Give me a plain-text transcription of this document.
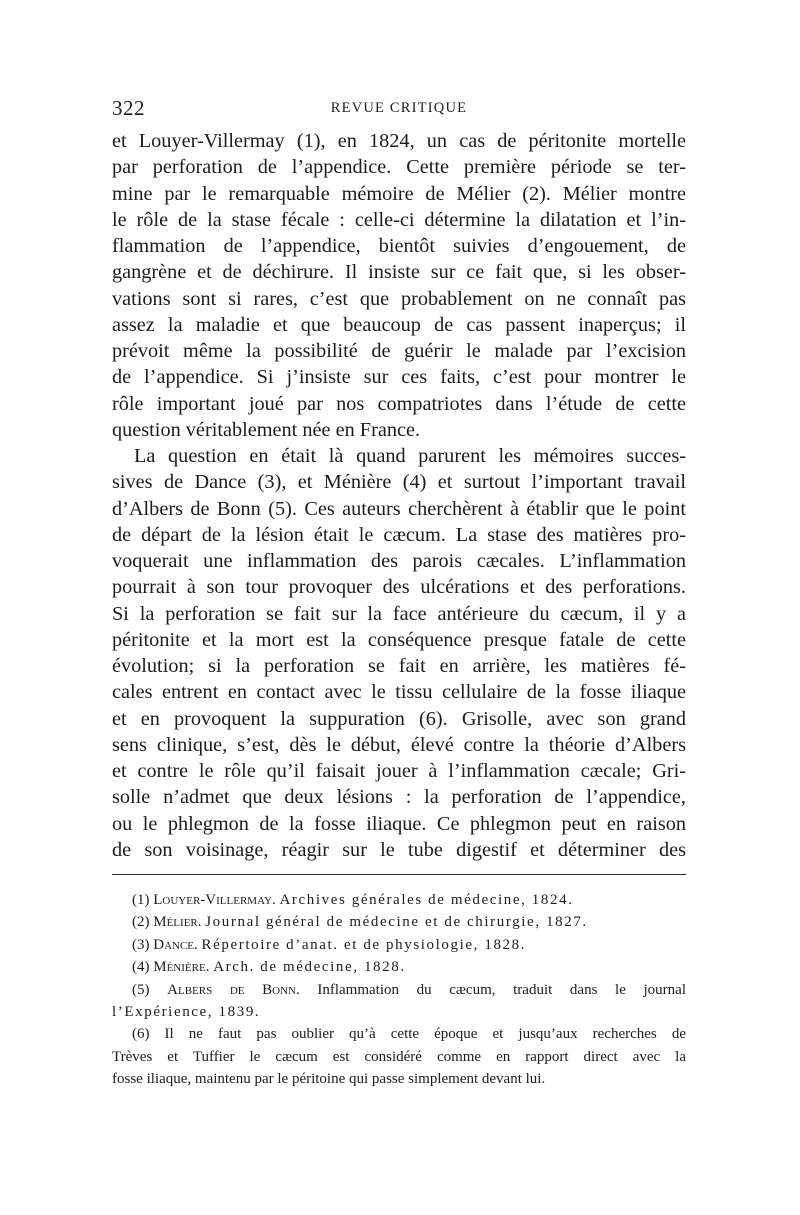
322	REVUE CRITIQUE

et Louyer-Villermay (1), en 1824, un cas de péritonite mortelle
par perforation de l’appendice. Cette première période se ter-
mine par le remarquable mémoire de Mélier (2). Mélier montre
le rôle de la stase fécale : celle-ci détermine la dilatation et l’in-
flammation de l’appendice, bientôt suivies d’engouement, de
gangrène et de déchirure. Il insiste sur ce fait que, si les obser-
vations sont si rares, c’est que probablement on ne connaît pas
assez la maladie et que beaucoup de cas passent inaperçus; il
prévoit même la possibilité de guérir le malade par l’excision
de l’appendice. Si j’insiste sur ces faits, c’est pour montrer le
rôle important joué par nos compatriotes dans l’étude de cette
question véritablement née en France.

La question en était là quand parurent les mémoires succes-
sives de Dance (3), et Ménière (4) et surtout l’important travail
d’Albers de Bonn (5). Ces auteurs cherchèrent à établir que le point
de départ de la lésion était le cæcum. La stase des matières pro-
voquerait une inflammation des parois cæcales. L’inflammation
pourrait à son tour provoquer des ulcérations et des perforations.
Si la perforation se fait sur la face antérieure du cæcum, il y a
péritonite et la mort est la conséquence presque fatale de cette
évolution; si la perforation se fait en arrière, les matières fé-
cales entrent en contact avec le tissu cellulaire de la fosse iliaque
et en provoquent la suppuration (6). Grisolle, avec son grand
sens clinique, s’est, dès le début, élevé contre la théorie d’Albers
et contre le rôle qu’il faisait jouer à l’inflammation cæcale; Gri-
solle n’admet que deux lésions : la perforation de l’appendice,
ou le phlegmon de la fosse iliaque. Ce phlegmon peut en raison
de son voisinage, réagir sur le tube digestif et déterminer des

(1) Louyer-Villermay. Archives générales de médecine, 1824.
(2) Mélier. Journal général de médecine et de chirurgie, 1827.
(3) Dance. Répertoire d’anat. et de physiologie, 1828.
(4) Ménière. Arch. de médecine, 1828.
(5) Albers de Bonn. Inflammation du cæcum, traduit dans le journal
l’Expérience, 1839.
(6) Il ne faut pas oublier qu’à cette époque et jusqu’aux recherches de
Trèves et Tuffier le cæcum est considéré comme en rapport direct avec la
fosse iliaque, maintenu par le péritoine qui passe simplement devant lui.
